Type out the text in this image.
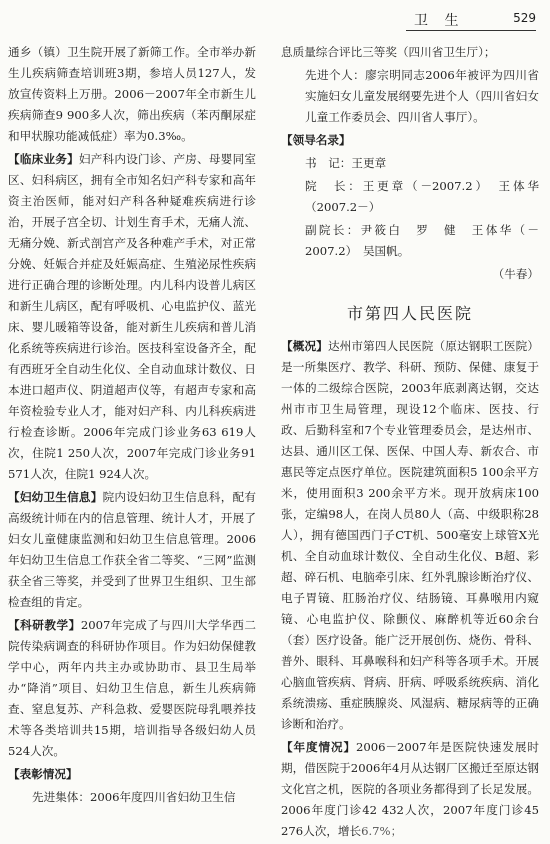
卫 生	529

通乡（镇）卫生院开展了新筛工作。全市举办新生儿疾病筛查培训班3期，参培人员127人，发放宣传资料上万册。2006－2007年全市新生儿疾病筛查9 900多人次，筛出疾病（苯丙酮尿症和甲状腺功能减低症）率为0.3‰。

【临床业务】妇产科内设门诊、产房、母婴同室区、妇科病区，拥有全市知名妇产科专家和高年资主治医师，能对妇产科各种疑难疾病进行诊治，开展子宫全切、计划生育手术，无痛人流、无痛分娩、新式剖宫产及各种难产手术，对正常分娩、妊娠合并症及妊娠高症、生殖泌尿性疾病进行正确合理的诊断处理。内儿科内设普儿病区和新生儿病区，配有呼吸机、心电监护仪、蓝光床、婴儿暖箱等设备，能对新生儿疾病和普儿消化系统等疾病进行诊治。医技科室设备齐全，配有西班牙全自动生化仪、全自动血球计数仪、日本进口超声仪、阴道超声仪等，有超声专家和高年资检验专业人才，能对妇产科、内儿科疾病进行检查诊断。2006年完成门诊业务63 619人次，住院1 250人次，2007年完成门诊业务91 571人次，住院1 924人次。

【妇幼卫生信息】院内设妇幼卫生信息科，配有高级统计师在内的信息管理、统计人才，开展了妇女儿童健康监测和妇幼卫生信息管理。2006年妇幼卫生信息工作获全省二等奖、“三网”监测获全省三等奖，并受到了世界卫生组织、卫生部检查组的肯定。

【科研教学】2007年完成了与四川大学华西二院传染病调查的科研协作项目。作为妇幼保健教学中心，两年内共主办或协助市、县卫生局举办“降消”项目、妇幼卫生信息，新生儿疾病筛查、窒息复苏、产科急救、爱婴医院母乳喂养技术等各类培训共15期，培训指导各级妇幼人员524人次。

【表彰情况】

先进集体：2006年度四川省妇幼卫生信

息质量综合评比三等奖（四川省卫生厅）；

先进个人：廖宗明同志2006年被评为四川省实施妇女儿童发展纲要先进个人（四川省妇女儿童工作委员会、四川省人事厅）。

【领导名录】

书　记：王更章

院　长：王更章（－2007.2）　王体华（2007.2－）

副院长：尹筱白　罗　健　王体华（－2007.2）　吴国帆。

（牛春）

市第四人民医院

【概况】达州市第四人民医院（原达钢职工医院）是一所集医疗、教学、科研、预防、保健、康复于一体的二级综合医院，2003年底剥离达钢，交达州市市卫生局管理，现设12个临床、医技、行政、后勤科室和7个专业管理委员会，是达州市、达县、通川区工保、医保、中国人寿、新农合、市惠民等定点医疗单位。医院建筑面积5 100余平方米，使用面积3 200余平方米。现开放病床100张，定编98人，在岗人员80人（高、中级职称28人），拥有德国西门子CT机、500毫安上球管X光机、全自动血球计数仪、全自动生化仪、B超、彩超、碎石机、电脑牵引床、红外乳腺诊断治疗仪、电子胃镜、肛肠治疗仪、结肠镜、耳鼻喉用内窥镜、心电监护仪、除颤仪、麻醉机等近60余台（套）医疗设备。能广泛开展创伤、烧伤、骨科、普外、眼科、耳鼻喉科和妇产科等各项手术。开展心脑血管疾病、肾病、肝病、呼吸系统疾病、消化系统溃疡、重症胰腺炎、风湿病、糖尿病等的正确诊断和治疗。

【年度情况】2006－2007年是医院快速发展时期，借医院于2006年4月从达钢厂区搬迁至原达钢文化宫之机，医院的各项业务都得到了长足发展。2006年度门诊42 432人次，2007年度门诊45 276人次，增长6.7%；
